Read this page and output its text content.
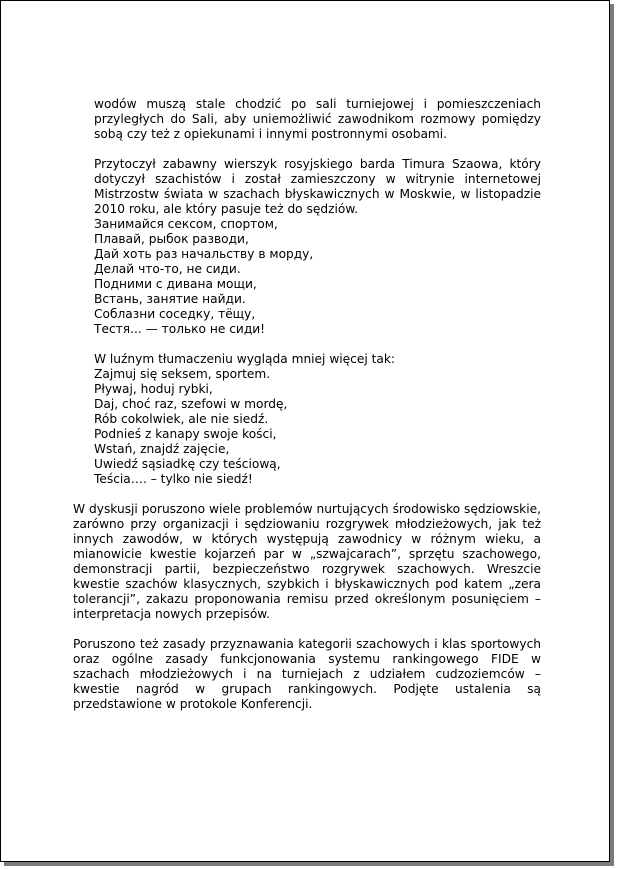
wodów muszą stale chodzić po sali turniejowej i pomieszczeniach przyległych do Sali, aby uniemożliwić zawodnikom rozmowy pomiędzy sobą czy też z opiekunami i innymi postronnymi osobami.

Przytoczył zabawny wierszyk rosyjskiego barda Timura Szaowa, który dotyczył szachistów i został zamieszczony w witrynie internetowej Mistrzostw świata w szachach błyskawicznych w Moskwie, w listopadzie 2010 roku, ale który pasuje też do sędziów.

Занимайся сексом, спортом,
Плавай, рыбок разводи,
Дай хоть раз начальству в морду,
Делай что-то, не сиди.
Подними с дивана мощи,
Встань, занятие найди.
Соблазни соседку, тёщу,
Тестя... — только не сиди!

W luźnym tłumaczeniu wygląda mniej więcej tak:

Zajmuj się seksem, sportem.
Pływaj, hoduj rybki,
Daj, choć raz, szefowi w mordę,
Rób cokolwiek, ale nie siedź.
Podnieś z kanapy swoje kości,
Wstań, znajdź zajęcie,
Uwiedź sąsiadkę czy teściową,
Teścia…. – tylko nie siedź!

W dyskusji poruszono wiele problemów nurtujących środowisko sędziowskie, zarówno przy organizacji i sędziowaniu rozgrywek młodzieżowych, jak też innych zawodów, w których występują zawodnicy w różnym wieku, a mianowicie kwestie kojarzeń par w „szwajcarach”, sprzętu szachowego, demonstracji partii, bezpieczeństwo rozgrywek szachowych. Wreszcie kwestie szachów klasycznych, szybkich i błyskawicznych pod katem „zera tolerancji”, zakazu proponowania remisu przed określonym posunięciem – interpretacja nowych przepisów.

Poruszono też zasady przyznawania kategorii szachowych i klas sportowych oraz ogólne zasady funkcjonowania systemu rankingowego FIDE w szachach młodzieżowych i na turniejach z udziałem cudzoziemców – kwestie nagród w grupach rankingowych. Podjęte ustalenia są przedstawione w protokole Konferencji.
